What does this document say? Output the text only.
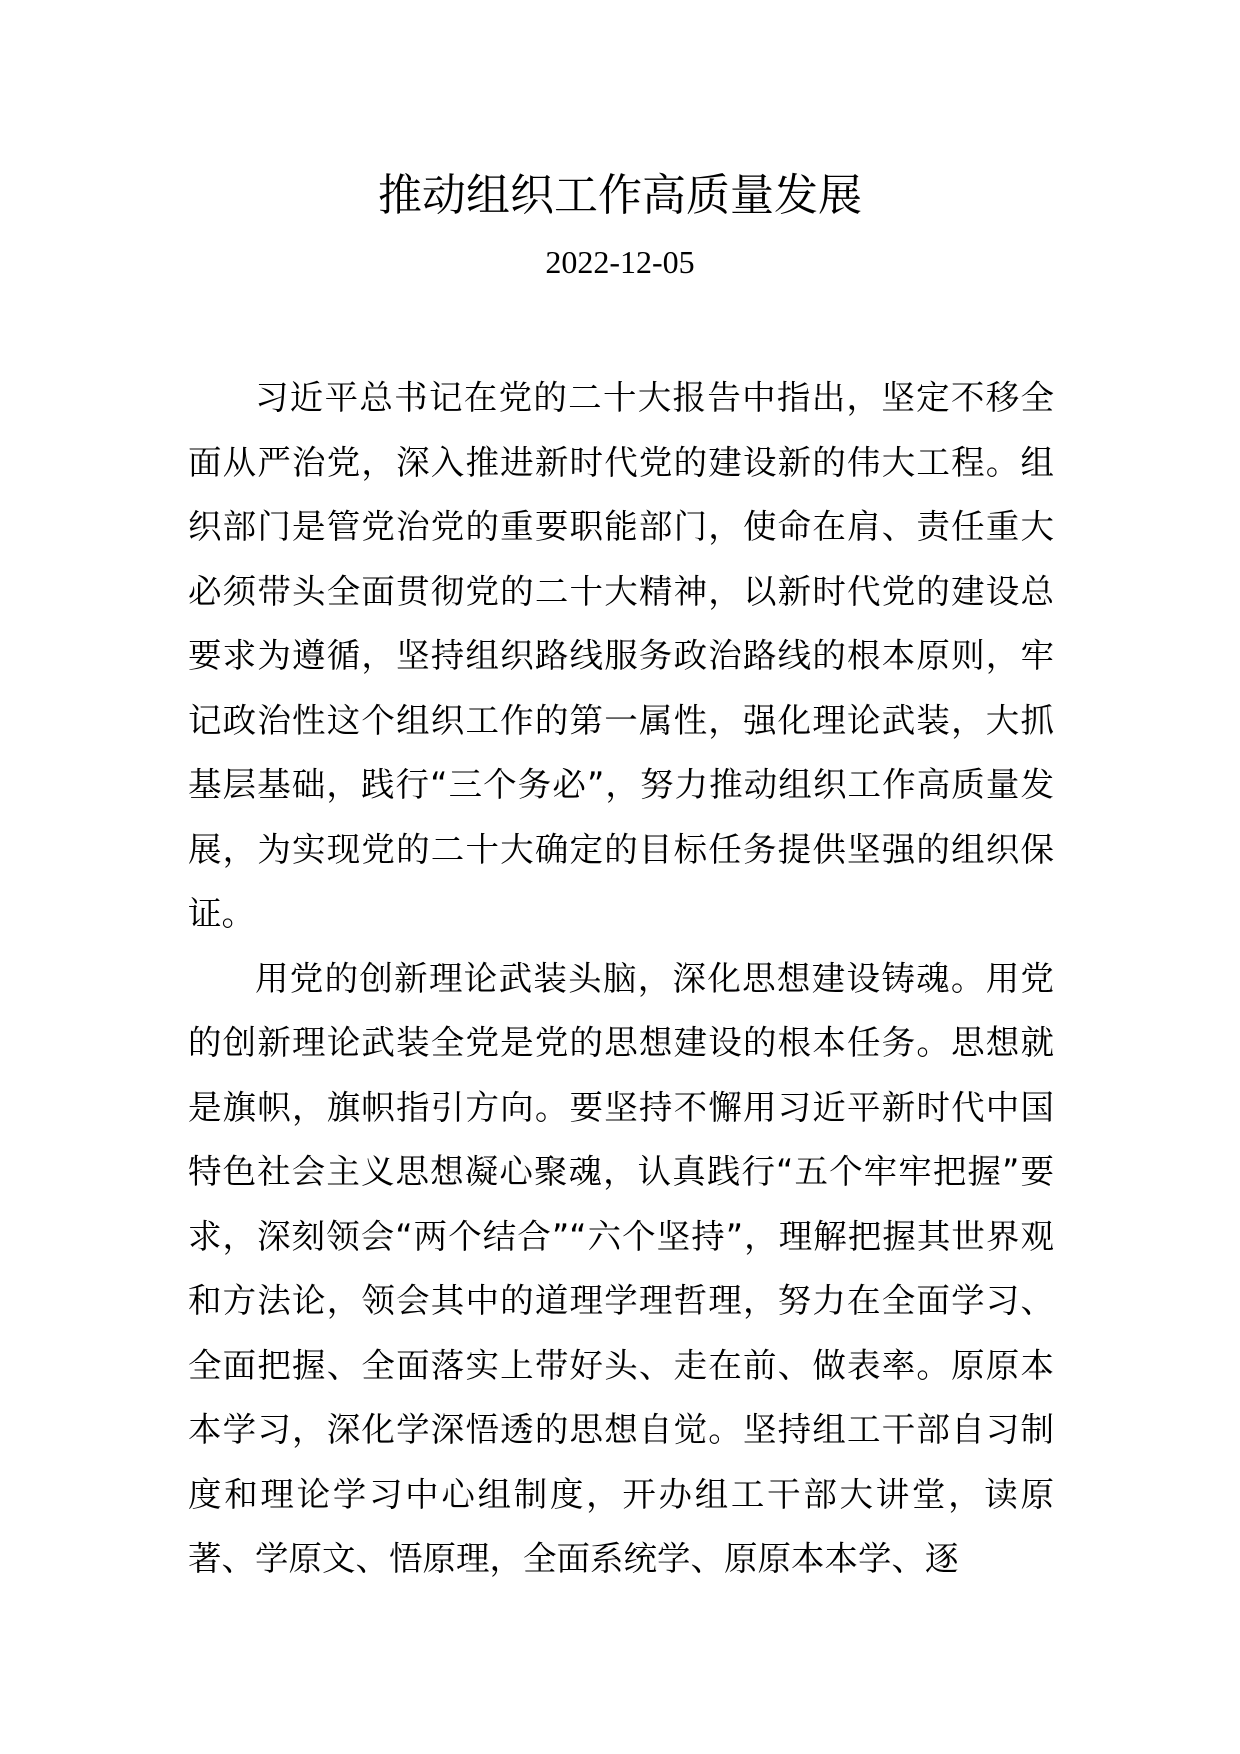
推动组织工作高质量发展
2022-12-05

习近平总书记在党的二十大报告中指出，坚定不移全面从严治党，深入推进新时代党的建设新的伟大工程。组织部门是管党治党的重要职能部门，使命在肩、责任重大必须带头全面贯彻党的二十大精神，以新时代党的建设总要求为遵循，坚持组织路线服务政治路线的根本原则，牢记政治性这个组织工作的第一属性，强化理论武装，大抓基层基础，践行“三个务必”，努力推动组织工作高质量发展，为实现党的二十大确定的目标任务提供坚强的组织保证。

用党的创新理论武装头脑，深化思想建设铸魂。用党的创新理论武装全党是党的思想建设的根本任务。思想就是旗帜，旗帜指引方向。要坚持不懈用习近平新时代中国特色社会主义思想凝心聚魂，认真践行“五个牢牢把握”要求，深刻领会“两个结合”“六个坚持”，理解把握其世界观和方法论，领会其中的道理学理哲理，努力在全面学习、全面把握、全面落实上带好头、走在前、做表率。原原本本学习，深化学深悟透的思想自觉。坚持组工干部自习制度和理论学习中心组制度，开办组工干部大讲堂，读原著、学原文、悟原理，全面系统学、原原本本学、逐
